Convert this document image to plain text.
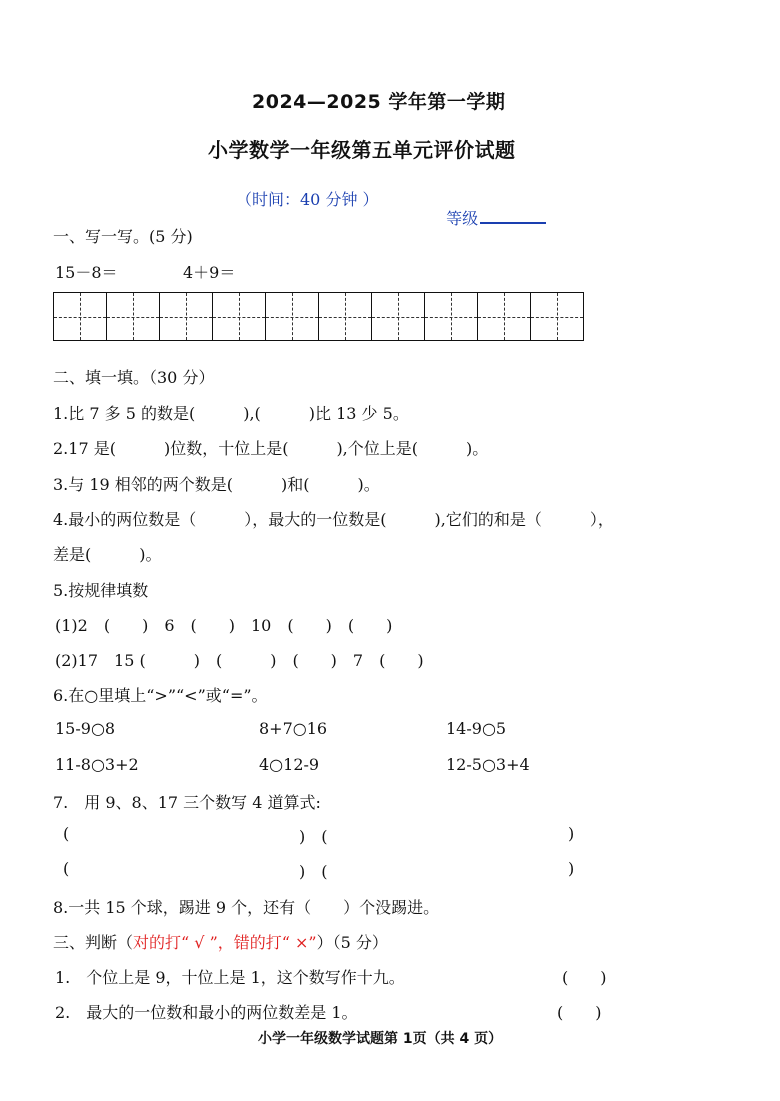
2024—2025 学年第一学期
小学数学一年级第五单元评价试题
（时间：40 分钟 ）

等级

一、写一写。(5 分)
15－8＝	4＋9＝
二、填一填。（30 分）
1.比 7 多 5 的数是(　　　),(　　　)比 13 少 5。
2.17 是(　　　)位数，十位上是(　　　),个位上是(　　　)。
3.与 19 相邻的两个数是(　　　)和(　　　)。
4.最小的两位数是（　　　），最大的一位数是(　　　),它们的和是（　　　），
差是(　　　)。
5.按规律填数
(1)2　(　　)　6　(　　)　10　(　　)　(　　)
(2)17　15 (　　　)　(　　　)　(　　)　7　(　　)
6.在○里填上“>”“<”或“=”。
15-9○8	8+7○16	14-9○5
11-8○3+2	4○12-9	12-5○3+4
7.　用 9、8、17 三个数写 4 道算式:
(	)　(	)
(	)　(	)
8.一共 15 个球，踢进 9 个，还有（　　）个没踢进。
三、判断（对的打“ √ ”，错的打“ ×”）（5 分）
1.　个位上是 9，十位上是 1，这个数写作十九。	(　　)
2.　最大的一位数和最小的两位数差是 1。	(　　)
小学一年级数学试题第 1页（共 4 页）
